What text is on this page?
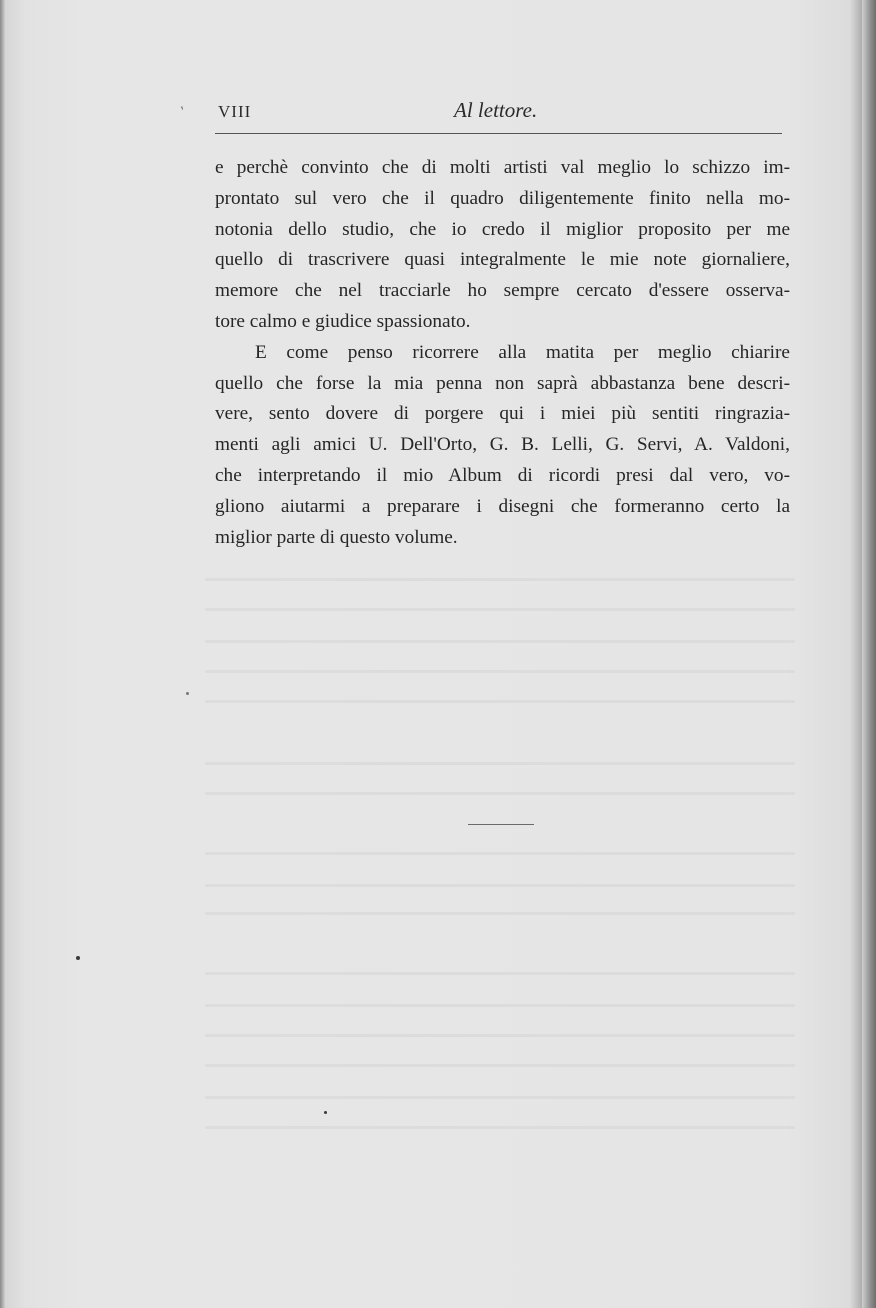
′ VIII	Al lettore.

e perchè convinto che di molti artisti val meglio lo schizzo im-
prontato sul vero che il quadro diligentemente finito nella mo-
notonia dello studio, che io credo il miglior proposito per me
quello di trascrivere quasi integralmente le mie note giornaliere,
memore che nel tracciarle ho sempre cercato d'essere osserva-
tore calmo e giudice spassionato.

E come penso ricorrere alla matita per meglio chiarire
quello che forse la mia penna non saprà abbastanza bene descri-
vere, sento dovere di porgere qui i miei più sentiti ringrazia-
menti agli amici U. Dell'Orto, G. B. Lelli, G. Servi, A. Valdoni,
che interpretando il mio Album di ricordi presi dal vero, vo-
gliono aiutarmi a preparare i disegni che formeranno certo la
miglior parte di questo volume.
